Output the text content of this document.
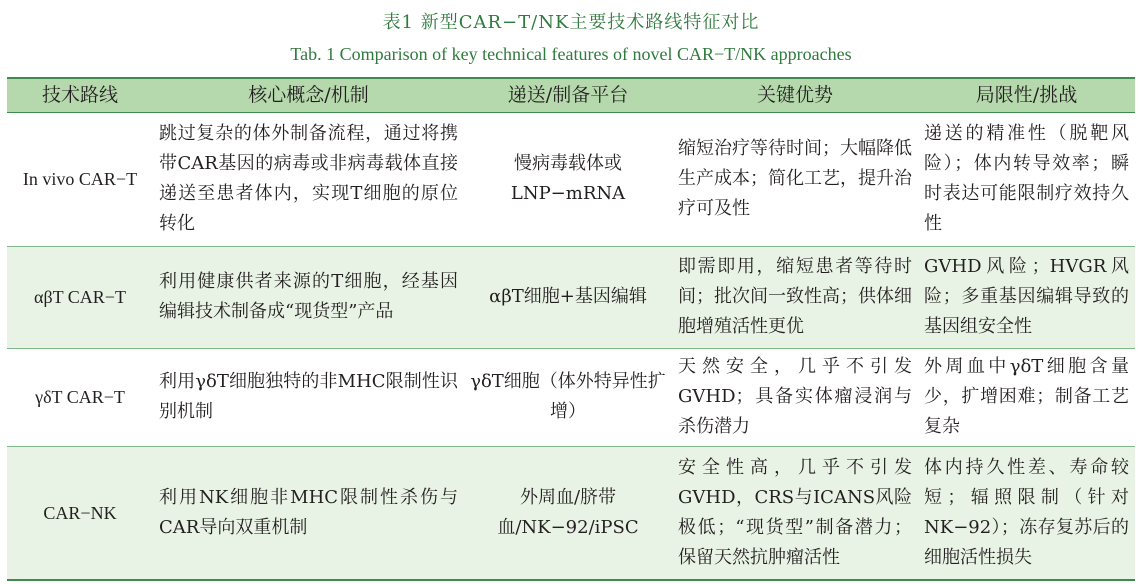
表1 新型CAR−T/NK主要技术路线特征对比
Tab. 1 Comparison of key technical features of novel CAR−T/NK approaches
技术路线	核心概念/机制	递送/制备平台	关键优势	局限性/挑战
In vivo CAR−T	跳过复杂的体外制备流程，通过将携带CAR基因的病毒或非病毒载体直接递送至患者体内，实现T细胞的原位转化	慢病毒载体或LNP−mRNA	缩短治疗等待时间；大幅降低生产成本；简化工艺，提升治疗可及性	递送的精准性（脱靶风险）；体内转导效率；瞬时表达可能限制疗效持久性
αβT CAR−T	利用健康供者来源的T细胞，经基因编辑技术制备成“现货型”产品	αβT细胞+基因编辑	即需即用，缩短患者等待时间；批次间一致性高；供体细胞增殖活性更优	GVHD风险；HVGR风险；多重基因编辑导致的基因组安全性
γδT CAR−T	利用γδT细胞独特的非MHC限制性识别机制	γδT细胞（体外特异性扩增）	天然安全，几乎不引发GVHD；具备实体瘤浸润与杀伤潜力	外周血中γδT细胞含量少，扩增困难；制备工艺复杂
CAR−NK	利用NK细胞非MHC限制性杀伤与CAR导向双重机制	外周血/脐带血/NK−92/iPSC	安全性高，几乎不引发GVHD，CRS与ICANS风险极低；“现货型”制备潜力；保留天然抗肿瘤活性	体内持久性差、寿命较短；辐照限制（针对NK−92）；冻存复苏后的细胞活性损失
